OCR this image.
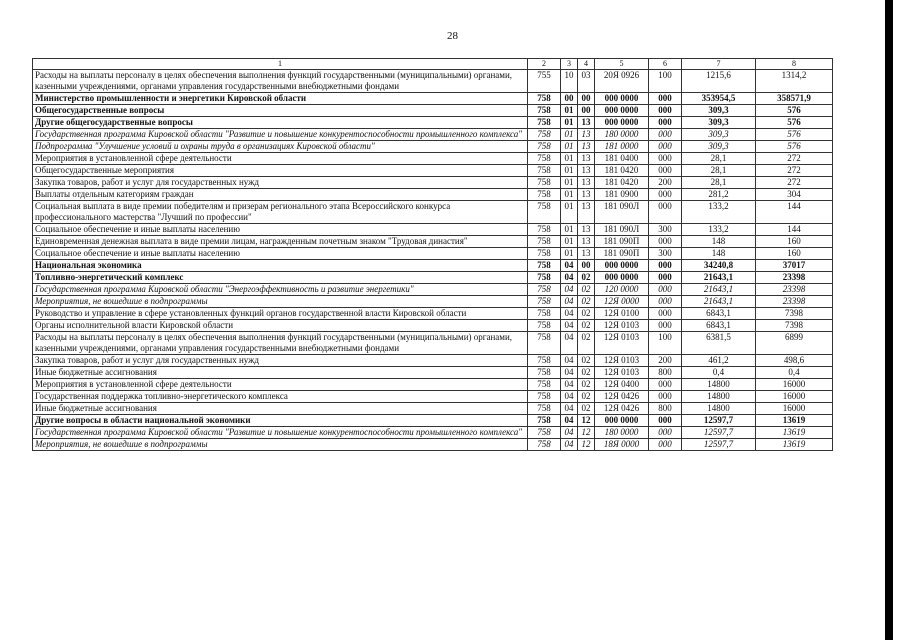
28
1	2	3	4	5	6	7	8
Расходы на выплаты персоналу в целях обеспечения выполнения функций государственными (муниципальными) органами, казенными учреждениями, органами управления государственными внебюджетными фондами	755	10	03	20Я 0926	100	1215,6	1314,2
Министерство промышленности и энергетики Кировской области	758	00	00	000 0000	000	353954,5	358571,9
Общегосударственные вопросы	758	01	00	000 0000	000	309,3	576
Другие общегосударственные вопросы	758	01	13	000 0000	000	309,3	576
Государственная программа Кировской области "Развитие и повышение конкурентоспособности промышленного комплекса"	758	01	13	180 0000	000	309,3	576
Подпрограмма "Улучшение условий и охраны труда в организациях Кировской области"	758	01	13	181 0000	000	309,3	576
Мероприятия в установленной сфере деятельности	758	01	13	181 0400	000	28,1	272
Общегосударственные мероприятия	758	01	13	181 0420	000	28,1	272
Закупка товаров, работ и услуг для государственных нужд	758	01	13	181 0420	200	28,1	272
Выплаты отдельным категориям граждан	758	01	13	181 0900	000	281,2	304
Социальная выплата в виде премии победителям и призерам регионального этапа Всероссийского конкурса профессионального мастерства "Лучший по профессии"	758	01	13	181 090Л	000	133,2	144
Социальное обеспечение и иные выплаты населению	758	01	13	181 090Л	300	133,2	144
Единовременная денежная выплата в виде премии лицам, награжденным почетным знаком "Трудовая династия"	758	01	13	181 090П	000	148	160
Социальное обеспечение и иные выплаты населению	758	01	13	181 090П	300	148	160
Национальная экономика	758	04	00	000 0000	000	34240,8	37017
Топливно-энергетический комплекс	758	04	02	000 0000	000	21643,1	23398
Государственная программа Кировской области "Энергоэффективность и развитие энергетики"	758	04	02	120 0000	000	21643,1	23398
Мероприятия, не вошедшие в подпрограммы	758	04	02	12Я 0000	000	21643,1	23398
Руководство и управление в сфере установленных функций органов государственной власти Кировской области	758	04	02	12Я 0100	000	6843,1	7398
Органы исполнительной власти Кировской области	758	04	02	12Я 0103	000	6843,1	7398
Расходы на выплаты персоналу в целях обеспечения выполнения функций государственными (муниципальными) органами, казенными учреждениями, органами управления государственными внебюджетными фондами	758	04	02	12Я 0103	100	6381,5	6899
Закупка товаров, работ и услуг для государственных нужд	758	04	02	12Я 0103	200	461,2	498,6
Иные бюджетные ассигнования	758	04	02	12Я 0103	800	0,4	0,4
Мероприятия в установленной сфере деятельности	758	04	02	12Я 0400	000	14800	16000
Государственная поддержка топливно-энергетического комплекса	758	04	02	12Я 0426	000	14800	16000
Иные бюджетные ассигнования	758	04	02	12Я 0426	800	14800	16000
Другие вопросы в области национальной экономики	758	04	12	000 0000	000	12597,7	13619
Государственная программа Кировской области "Развитие и повышение конкурентоспособности промышленного комплекса"	758	04	12	180 0000	000	12597,7	13619
Мероприятия, не вошедшие в подпрограммы	758	04	12	18Я 0000	000	12597,7	13619
